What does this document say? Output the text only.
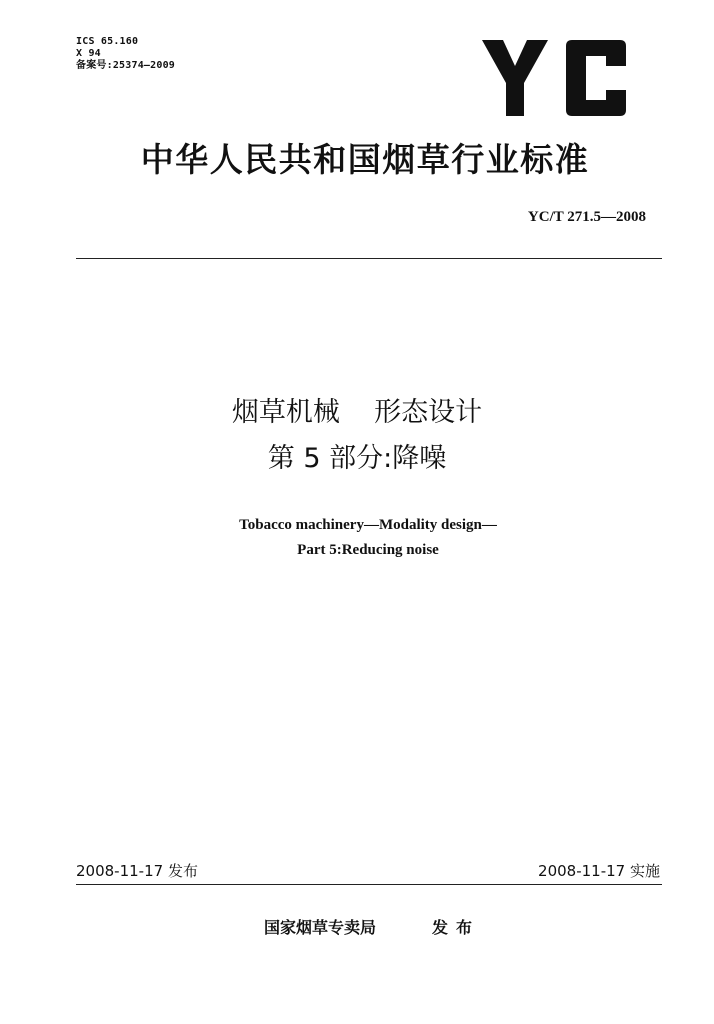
ICS 65.160
X 94
备案号:25374—2009
中华人民共和国烟草行业标准
YC/T 271.5—2008
烟草机械    形态设计
第 5 部分:降噪
Tobacco machinery—Modality design—
Part 5:Reducing noise
2008-11-17 发布	2008-11-17 实施
国家烟草专卖局	发布
